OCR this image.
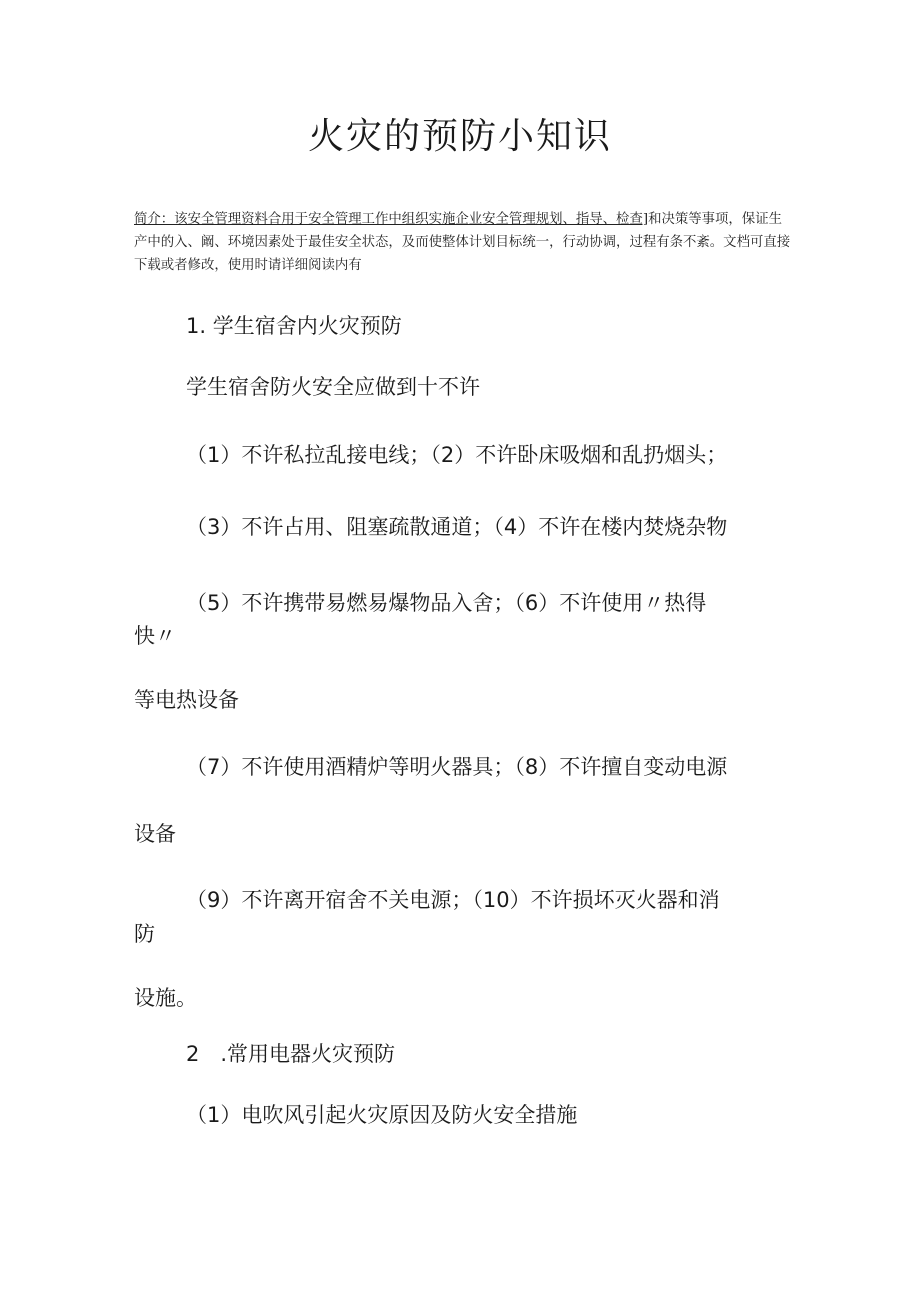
火灾的预防小知识
简介：该安全管理资料合用于安全管理工作中组织实施企业安全管理规划、指导、检查]和决策等事项，保证生产中的入、阚、环境因素处于最佳安全状态，及而使整体计划目标统一，行动协调，过程有条不紊。文档可直接下载或者修改，使用时请详细阅读内有
1. 学生宿舍内火灾预防
学生宿舍防火安全应做到十不许
（1）不许私拉乱接电线；（2）不许卧床吸烟和乱扔烟头；
（3）不许占用、阻塞疏散通道；（4）不许在楼内焚烧杂物
（5）不许携带易燃易爆物品入舍；（6）不许使用〃热得
快〃
等电热设备
（7）不许使用酒精炉等明火器具；（8）不许擅自变动电源
设备
（9）不许离开宿舍不关电源；（10）不许损坏灭火器和消
防
设施。
2　.常用电器火灾预防
（1）电吹风引起火灾原因及防火安全措施
